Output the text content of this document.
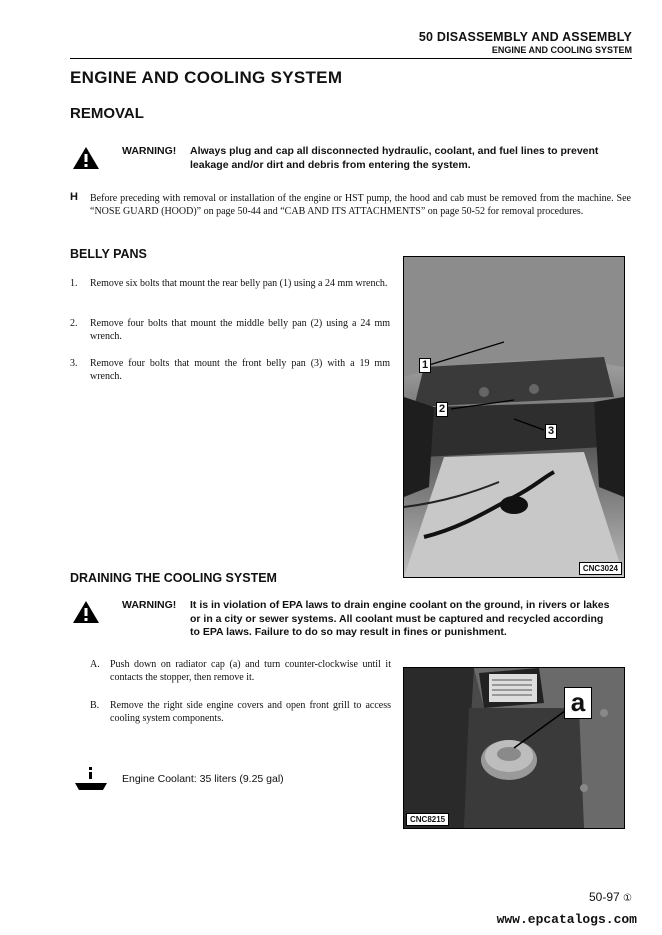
50 DISASSEMBLY AND ASSEMBLY
ENGINE AND COOLING SYSTEM
ENGINE AND COOLING SYSTEM
REMOVAL
WARNING! Always plug and cap all disconnected hydraulic, coolant, and fuel lines to prevent leakage and/or dirt and debris from entering the system.
H Before preceding with removal or installation of the engine or HST pump, the hood and cab must be removed from the machine. See “NOSE GUARD (HOOD)” on page 50-44 and “CAB AND ITS ATTACHMENTS” on page 50-52 for removal procedures.
BELLY PANS
1. Remove six bolts that mount the rear belly pan (1) using a 24 mm wrench.
2. Remove four bolts that mount the middle belly pan (2) using a 24 mm wrench.
3. Remove four bolts that mount the front belly pan (3) with a 19 mm wrench.
1
2
3
CNC3024
DRAINING THE COOLING SYSTEM
WARNING! It is in violation of EPA laws to drain engine coolant on the ground, in rivers or lakes or in a city or sewer systems. All coolant must be captured and recycled according to EPA laws. Failure to do so may result in fines or punishment.
A. Push down on radiator cap (a) and turn counter-clockwise until it contacts the stopper, then remove it.
B. Remove the right side engine covers and open front grill to access cooling system components.
Engine Coolant: 35 liters (9.25 gal)
a
CNC8215
50-97 ①
www.epcatalogs.com
